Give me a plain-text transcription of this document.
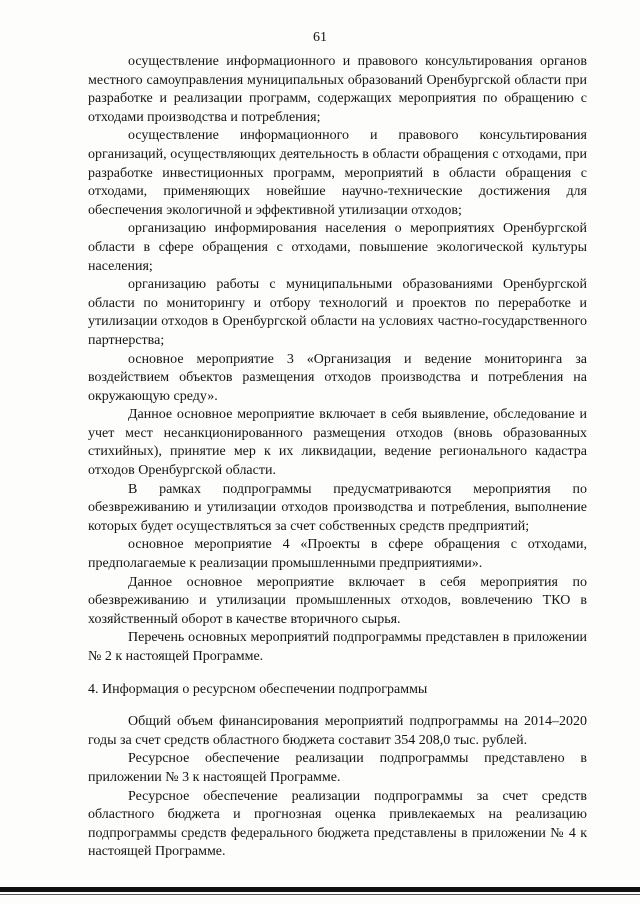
61

осуществление информационного и правового консультирования органов местного самоуправления муниципальных образований Оренбургской области при разработке и реализации программ, содержащих мероприятия по обращению с отходами производства и потребления;

осуществление информационного и правового консультирования организаций, осуществляющих деятельность в области обращения с отходами, при разработке инвестиционных программ, мероприятий в области обращения с отходами, применяющих новейшие научно-технические достижения для обеспечения экологичной и эффективной утилизации отходов;

организацию информирования населения о мероприятиях Оренбургской области в сфере обращения с отходами, повышение экологической культуры населения;

организацию работы с муниципальными образованиями Оренбургской области по мониторингу и отбору технологий и проектов по переработке и утилизации отходов в Оренбургской области на условиях частно-государственного партнерства;

основное мероприятие 3 «Организация и ведение мониторинга за воздействием объектов размещения отходов производства и потребления на окружающую среду».

Данное основное мероприятие включает в себя выявление, обследование и учет мест несанкционированного размещения отходов (вновь образованных стихийных), принятие мер к их ликвидации, ведение регионального кадастра отходов Оренбургской области.

В рамках подпрограммы предусматриваются мероприятия по обезвреживанию и утилизации отходов производства и потребления, выполнение которых будет осуществляться за счет собственных средств предприятий;

основное мероприятие 4 «Проекты в сфере обращения с отходами, предполагаемые к реализации промышленными предприятиями».

Данное основное мероприятие включает в себя мероприятия по обезвреживанию и утилизации промышленных отходов, вовлечению ТКО в хозяйственный оборот в качестве вторичного сырья.

Перечень основных мероприятий подпрограммы представлен в приложении № 2 к настоящей Программе.

4. Информация о ресурсном обеспечении подпрограммы

Общий объем финансирования мероприятий подпрограммы на 2014–2020 годы за счет средств областного бюджета составит 354 208,0 тыс. рублей.

Ресурсное обеспечение реализации подпрограммы представлено в приложении № 3 к настоящей Программе.

Ресурсное обеспечение реализации подпрограммы за счет средств областного бюджета и прогнозная оценка привлекаемых на реализацию подпрограммы средств федерального бюджета представлены в приложении № 4 к настоящей Программе.
